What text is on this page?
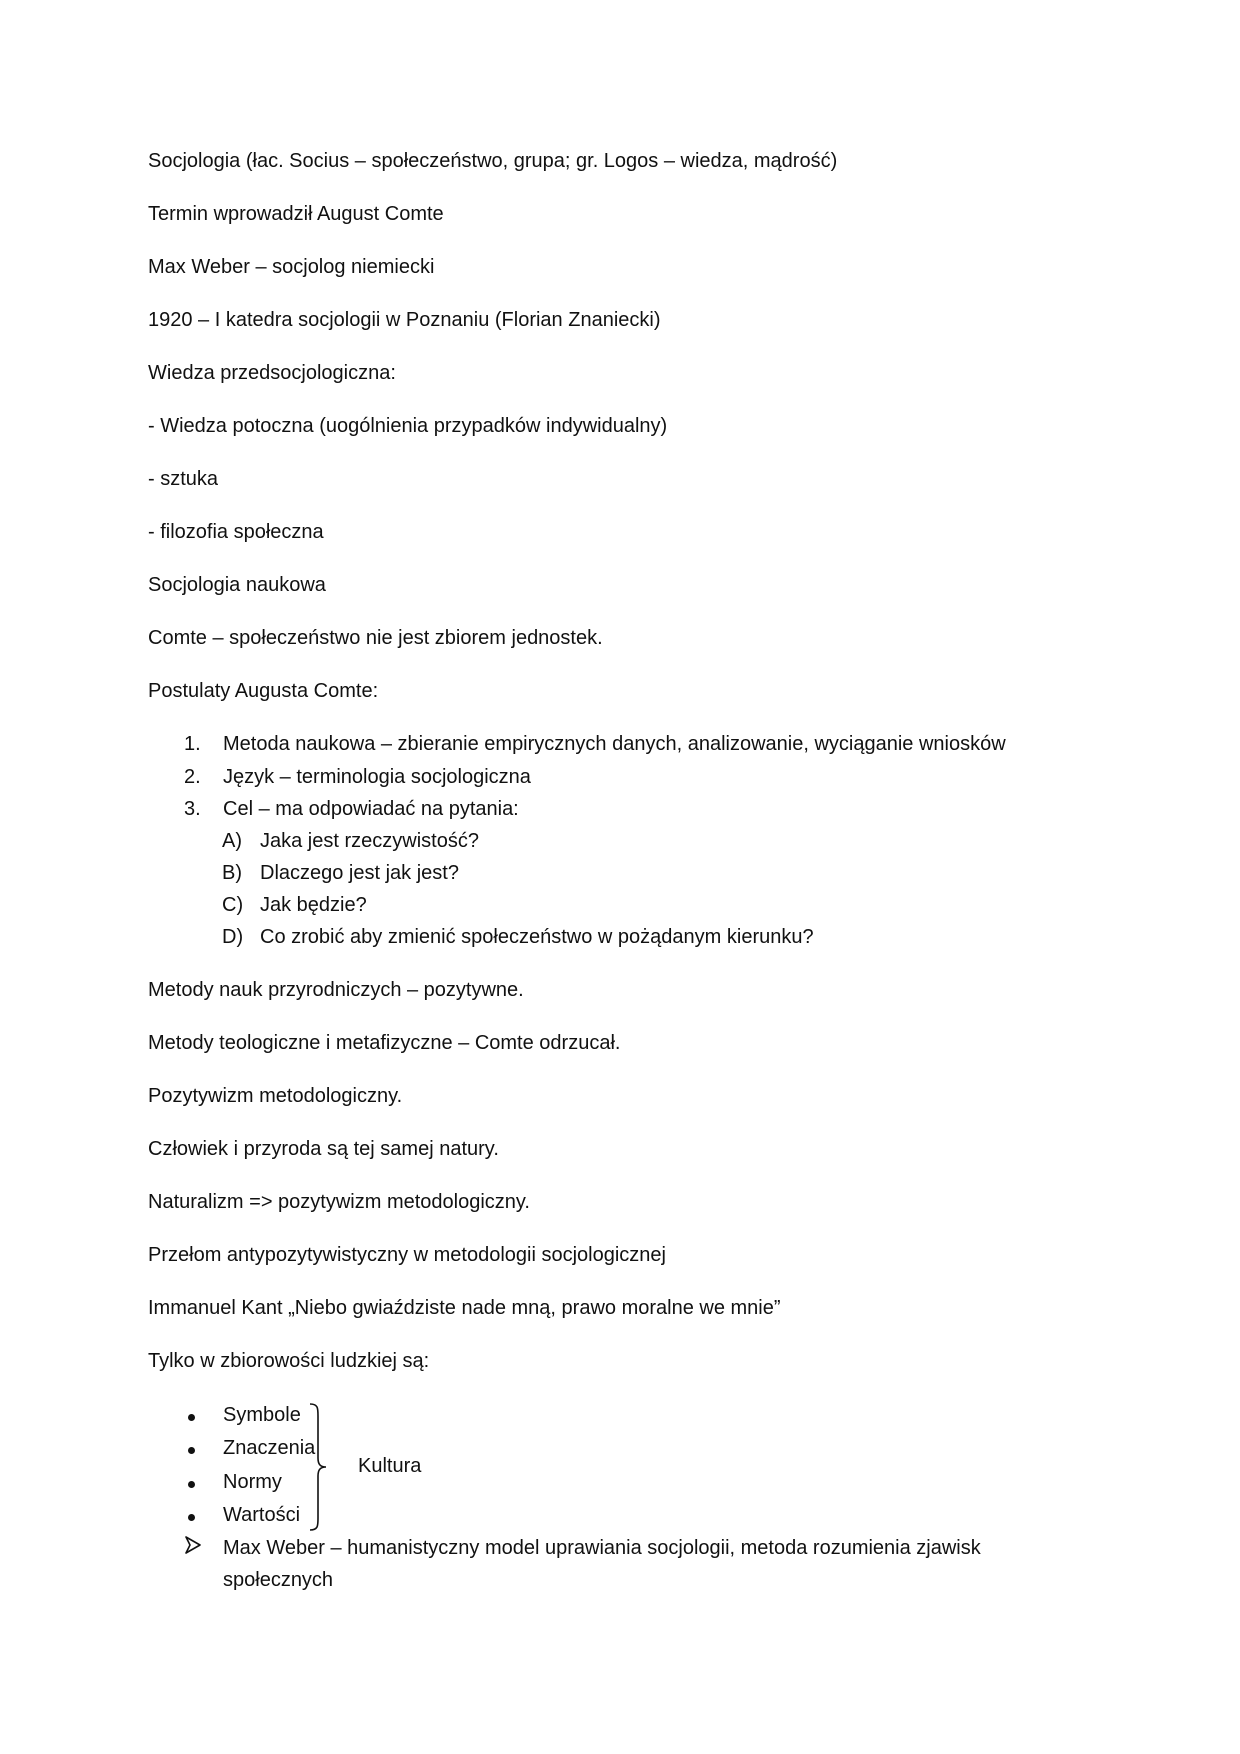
Socjologia (łac. Socius – społeczeństwo, grupa; gr. Logos – wiedza, mądrość)
Termin wprowadził August Comte
Max Weber – socjolog niemiecki
1920 – I katedra socjologii w Poznaniu (Florian Znaniecki)
Wiedza przedsocjologiczna:
- Wiedza potoczna (uogólnienia przypadków indywidualny)
- sztuka
- filozofia społeczna
Socjologia naukowa
Comte – społeczeństwo nie jest zbiorem jednostek.
Postulaty Augusta Comte:
1. Metoda naukowa – zbieranie empirycznych danych, analizowanie, wyciąganie wniosków
2. Język – terminologia socjologiczna
3. Cel – ma odpowiadać na pytania:
A) Jaka jest rzeczywistość?
B) Dlaczego jest jak jest?
C) Jak będzie?
D) Co zrobić aby zmienić społeczeństwo w pożądanym kierunku?
Metody nauk przyrodniczych – pozytywne.
Metody teologiczne i metafizyczne – Comte odrzucał.
Pozytywizm metodologiczny.
Człowiek i przyroda są tej samej natury.
Naturalizm => pozytywizm metodologiczny.
Przełom antypozytywistyczny w metodologii socjologicznej
Immanuel Kant „Niebo gwiaździste nade mną, prawo moralne we mnie”
Tylko w zbiorowości ludzkiej są:
Symbole
Znaczenia
Normy
Wartości
Kultura
Max Weber – humanistyczny model uprawiania socjologii, metoda rozumienia zjawisk
społecznych
